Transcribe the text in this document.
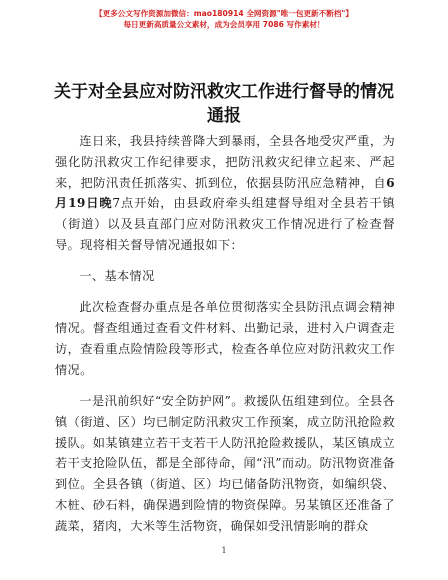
【更多公文写作资源加微信：mao180914 全网资源"唯一包更新不断档"】
每日更新高质量公文素材，成为会员享用 7086 写作素材！
关于对全县应对防汛救灾工作进行督导的情况
通报

连日来，我县持续普降大到暴雨，全县各地受灾严重，为强化防汛救灾工作纪律要求，把防汛救灾纪律立起来、严起来，把防汛责任抓落实、抓到位，依据县防汛应急精神，自6月19日晚7点开始，由县政府牵头组建督导组对全县若干镇（街道）以及县直部门应对防汛救灾工作情况进行了检查督导。现将相关督导情况通报如下：

一、基本情况

此次检查督办重点是各单位贯彻落实全县防汛点调会精神情况。督查组通过查看文件材料、出勤记录，进村入户调查走访，查看重点险情险段等形式，检查各单位应对防汛救灾工作情况。

一是汛前织好“安全防护网”。救援队伍组建到位。全县各镇（街道、区）均已制定防汛救灾工作预案，成立防汛抢险救援队。如某镇建立若干支若干人防汛抢险救援队，某区镇成立若干支抢险队伍，都是全部待命，闻“汛”而动。防汛物资准备到位。全县各镇（街道、区）均已储备防汛物资，如编织袋、木桩、砂石料，确保遇到险情的物资保障。另某镇区还准备了蔬菜，猪肉，大米等生活物资，确保如受汛情影响的群众

1
